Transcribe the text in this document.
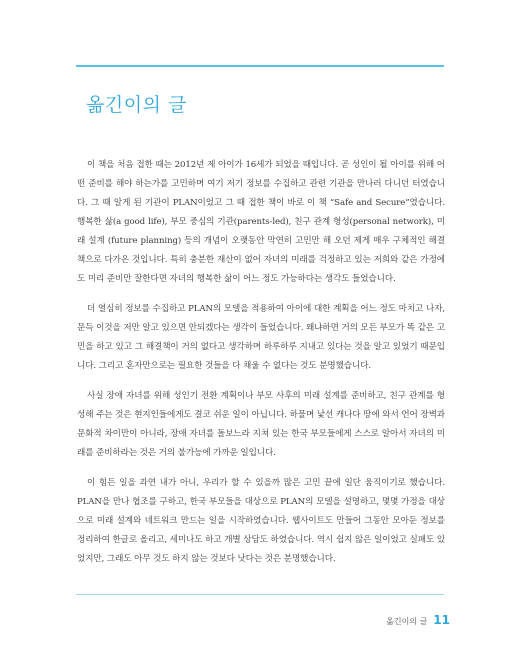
옮긴이의 글

이 책을 처음 접한 때는 2012년 제 아이가 16세가 되었을 때입니다. 곧 성인이 될 아이를 위해 어떤 준비를 해야 하는가를 고민하며 여기 저기 정보를 수집하고 관련 기관을 만나러 다니던 터였습니다. 그 때 알게 된 기관이 PLAN이었고 그 때 접한 책이 바로 이 책 “Safe and Secure”였습니다. 행복한 삶(a good life), 부모 중심의 기관(parents-led), 친구 관계 형성(personal network), 미래 설계 (future planning) 등의 개념이 오랫동안 막연히 고민만 해 오던 제게 매우 구체적인 해결책으로 다가온 것입니다. 특히 충분한 재산이 없어 자녀의 미래를 걱정하고 있는 저희와 같은 가정에도 미리 준비만 잘한다면 자녀의 행복한 삶이 어느 정도 가능하다는 생각도 들었습니다.

더 열심히 정보를 수집하고 PLAN의 모델을 적용하여 아이에 대한 계획을 어느 정도 마치고 나자, 문득 이것을 저만 알고 있으면 안되겠다는 생각이 들었습니다. 왜냐하면 거의 모든 부모가 똑 같은 고민을 하고 있고 그 해결책이 거의 없다고 생각하며 하루하루 지내고 있다는 것을 알고 있었기 때문입니다. 그리고 혼자만으로는 필요한 것들을 다 채울 수 없다는 것도 분명했습니다.

사실 장애 자녀를 위해 성인기 전환 계획이나 부모 사후의 미래 설계를 준비하고, 친구 관계를 형성해 주는 것은 현지인들에게도 결코 쉬운 일이 아닙니다. 하물며 낯선 캐나다 땅에 와서 언어 장벽과 문화적 차이만이 아니라, 장애 자녀를 돌보느라 지쳐 있는 한국 부모들에게 스스로 알아서 자녀의 미래를 준비하라는 것은 거의 불가능에 가까운 일입니다.

이 힘든 일을 과연 내가 아니, 우리가 할 수 있을까 많은 고민 끝에 일단 움직이기로 했습니다. PLAN을 만나 협조를 구하고, 한국 부모들을 대상으로 PLAN의 모델을 설명하고, 몇몇 가정을 대상으로 미래 설계와 네트워크 만드는 일을 시작하였습니다. 웹사이트도 만들어 그동안 모아둔 정보를 정리하여 한글로 올리고, 세미나도 하고 개별 상담도 하였습니다. 역시 쉽지 않은 일이었고 실패도 있었지만, 그래도 아무 것도 하지 않는 것보다 낫다는 것은 분명했습니다.

옮긴이의 글 11
